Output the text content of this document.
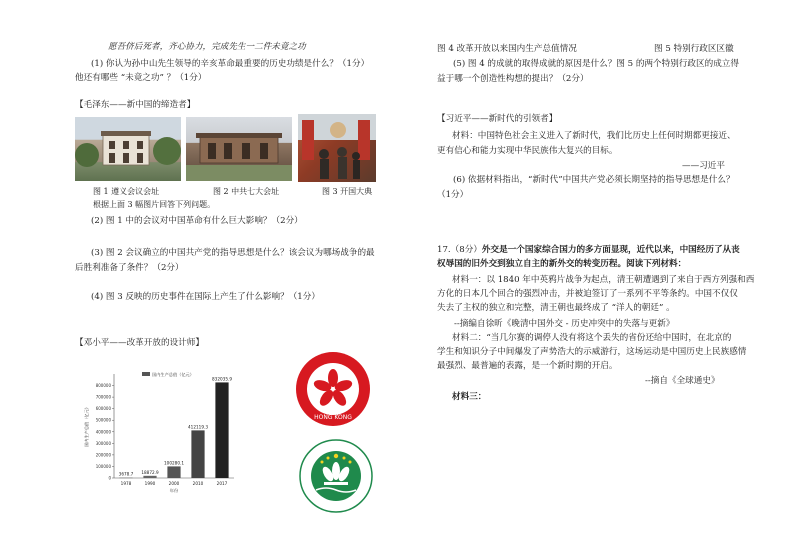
愿吾侪后死者，齐心协力，完成先生一二件未竟之功
(1) 你认为孙中山先生领导的辛亥革命最重要的历史功绩是什么？（1分）
他还有哪些 “未竟之功” ？（1分）
【毛泽东——新中国的缔造者】
图 1 遵义会议会址	图 2 中共七大会址	图 3 开国大典
根据上面 3 幅图片回答下列问题。
(2) 图 1 中的会议对中国革命有什么巨大影响？（2分）
(3) 图 2 会议确立的中国共产党的指导思想是什么？该会议为哪场战争的最
后胜利准备了条件？（2分）
(4) 图 3 反映的历史事件在国际上产生了什么影响？（1分）
【邓小平——改革开放的设计师】
0
100000
200000
300000
400000
500000
600000
700000
800000
3678.7
1978
18872.9
1990
100280.1
2000
412119.3
2010
832035.9
2017
国内生产总值（亿元）
年份
国内生产总值（亿元）	HONG KONG
图 4 改革开放以来国内生产总值情况	图 5 特别行政区区徽
(5) 图 4 的成就的取得成就的原因是什么？图 5 的两个特别行政区的成立得
益于哪一个创造性构想的提出？（2分）
【习近平——新时代的引领者】
材料：中国特色社会主义进入了新时代，我们比历史上任何时期都更接近、
更有信心和能力实现中华民族伟大复兴的目标。
——习近平
(6) 依据材料指出，“新时代”中国共产党必须长期坚持的指导思想是什么？
（1分）
17.（8分）外交是一个国家综合国力的多方面显现，近代以来，中国经历了从丧
权辱国的旧外交到独立自主的新外交的转变历程。阅读下列材料：
材料一：以 1840 年中英鸦片战争为起点，清王朝遭遇到了来自于西方列强和西
方化的日本几个回合的强烈冲击，并被迫签订了一系列不平等条约。中国不仅仅
失去了主权的独立和完整，清王朝也最终成了 “洋人的朝廷” 。
--摘编自徐昕《晚清中国外交 - 历史冲突中的失落与更新》
材料二：“当几尔赛的调停人没有将这个丢失的省份还给中国时，在北京的
学生和知识分子中间爆发了声势浩大的示威游行，这场运动是中国历史上民族感情
最强烈、最普遍的表露，是一个新时期的开启。
--摘自《全球通史》
材料三：
